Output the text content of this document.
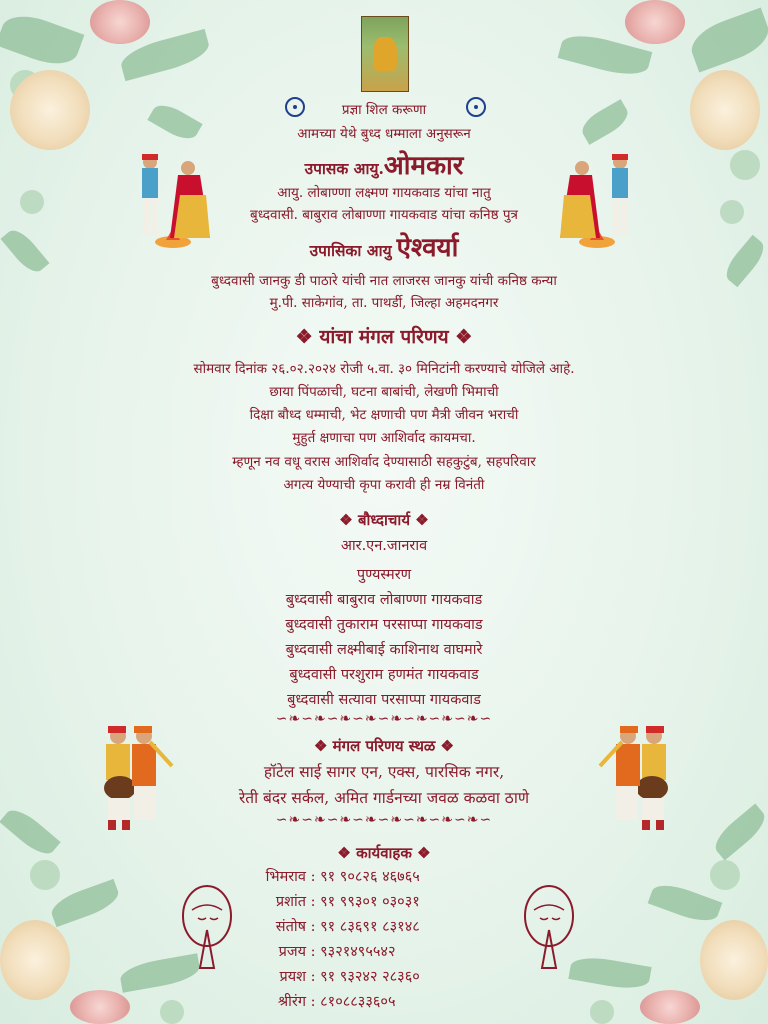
प्रज्ञा शिल करूणा
आमच्या येथे बुध्द धम्माला अनुसरून
उपासक आयु.ओमकार
आयु. लोबाण्णा लक्ष्मण गायकवाड यांचा नातु
बुध्दवासी. बाबुराव लोबाण्णा गायकवाड यांचा कनिष्ठ पुत्र
उपासिका आयु ऐश्वर्या
बुध्दवासी जानकु डी पाठारे यांची नात लाजरस जानकु यांची कनिष्ठ कन्या
मु.पी. साकेगांव, ता. पाथर्डी, जिल्हा अहमदनगर
❖ यांचा मंगल परिणय ❖
सोमवार दिनांक २६.०२.२०२४ रोजी ५.वा. ३० मिनिटांनी करण्याचे योजिले आहे.
छाया पिंपळाची, घटना बाबांची, लेखणी भिमाची
दिक्षा बौध्द धम्माची, भेट क्षणाची पण मैत्री जीवन भराची
मुहुर्त क्षणाचा पण आशिर्वाद कायमचा.
म्हणून नव वधू वरास आशिर्वाद देण्यासाठी सहकुटुंब, सहपरिवार
अगत्य येण्याची कृपा करावी ही नम्र विनंती
❖ बौध्दाचार्य ❖
आर.एन.जानराव
पुण्यस्मरण
बुध्दवासी बाबुराव लोबाण्णा गायकवाड
बुध्दवासी तुकाराम परसाप्पा गायकवाड
बुध्दवासी लक्ष्मीबाई काशिनाथ वाघमारे
बुध्दवासी परशुराम हणमंत गायकवाड
बुध्दवासी सत्यावा परसाप्पा गायकवाड
∽❧∽❧∽❧∽❧∽❧∽❧∽❧∽❧∽
❖ मंगल परिणय स्थळ ❖
हॉटेल साई सागर एन, एक्स, पारसिक नगर,
रेती बंदर सर्कल, अमित गार्डनच्या जवळ कळवा ठाणे
∽❧∽❧∽❧∽❧∽❧∽❧∽❧∽❧∽
❖ कार्यवाहक ❖
भिमराव : ९१ ९०८२६ ४६७६५
प्रशांत : ९१ ९९३०१ ०३०३१
संतोष : ९१ ८३६९१ ८३१४८
प्रजय : ९३२१४९५५४२
प्रयश : ९१ ९३२४२ २८३६०
श्रीरंग : ८१०८८३३६०५
